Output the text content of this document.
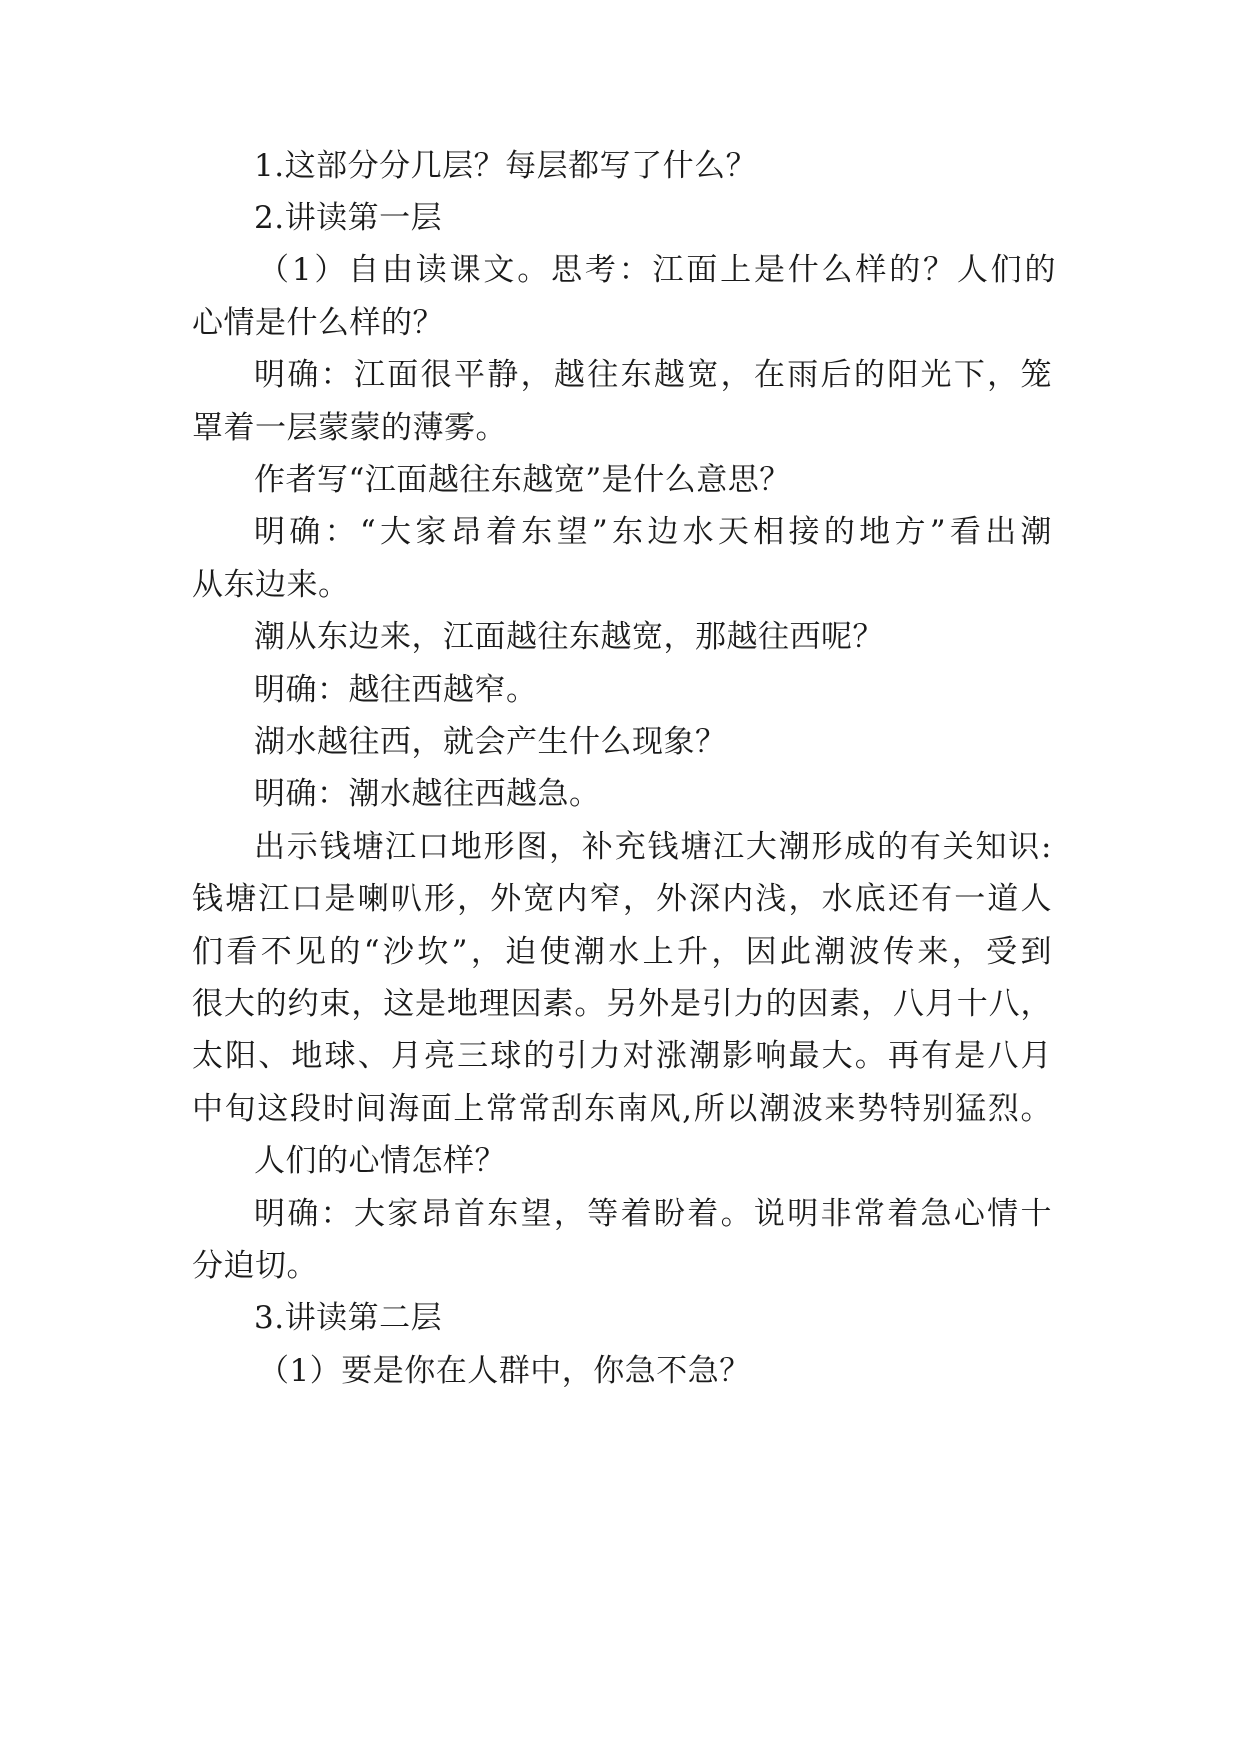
1.这部分分几层？每层都写了什么？
2.讲读第一层
（1）自由读课文。思考：江面上是什么样的？人们的
心情是什么样的？
明确：江面很平静，越往东越宽，在雨后的阳光下，笼
罩着一层蒙蒙的薄雾。
作者写“江面越往东越宽”是什么意思？
明确：“大家昂着东望”东边水天相接的地方”看出潮
从东边来。
潮从东边来，江面越往东越宽，那越往西呢？
明确：越往西越窄。
湖水越往西，就会产生什么现象？
明确：潮水越往西越急。
出示钱塘江口地形图，补充钱塘江大潮形成的有关知识:
钱塘江口是喇叭形，外宽内窄，外深内浅，水底还有一道人
们看不见的“沙坎”，迫使潮水上升，因此潮波传来，受到
很大的约束，这是地理因素。另外是引力的因素，八月十八，
太阳、地球、月亮三球的引力对涨潮影响最大。再有是八月
中旬这段时间海面上常常刮东南风,所以潮波来势特别猛烈。
人们的心情怎样？
明确：大家昂首东望，等着盼着。说明非常着急心情十
分迫切。
3.讲读第二层
（1）要是你在人群中，你急不急？
